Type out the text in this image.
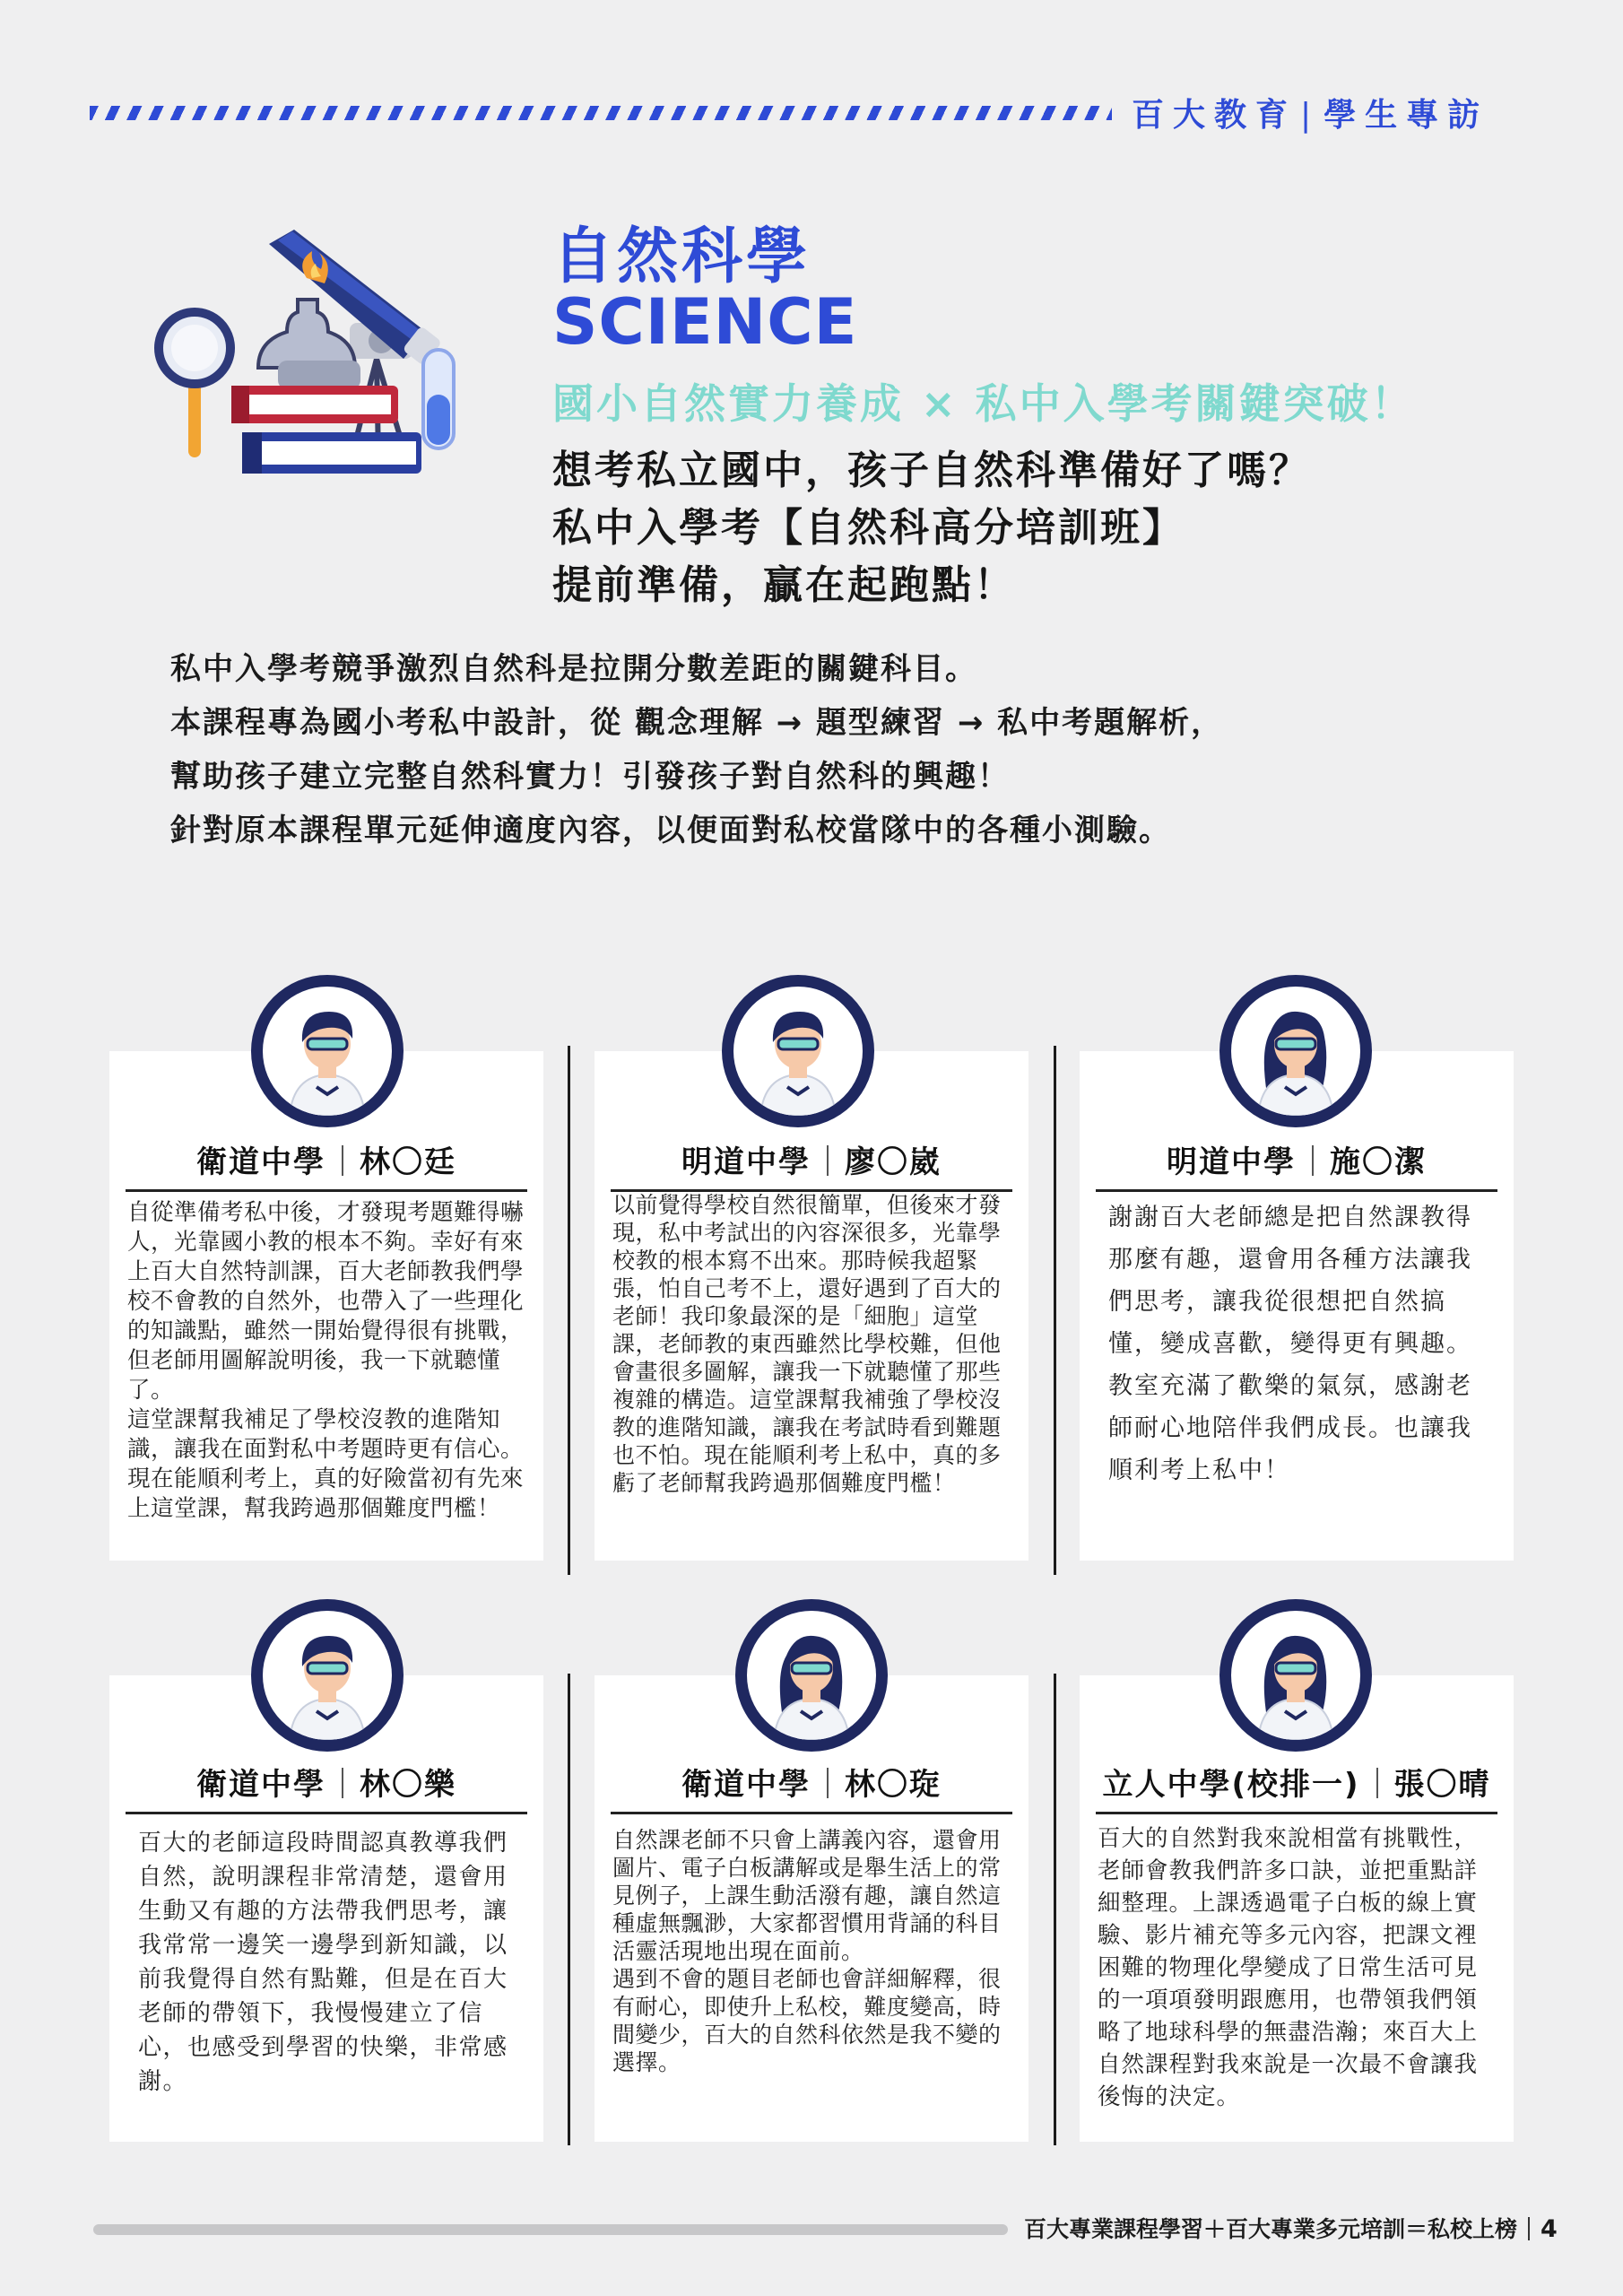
百大教育 | 學生專訪
自然科學
SCIENCE
國小自然實力養成 × 私中入學考關鍵突破！
想考私立國中，孩子自然科準備好了嗎？
私中入學考【自然科高分培訓班】
提前準備，贏在起跑點！

私中入學考競爭激烈自然科是拉開分數差距的關鍵科目。

本課程專為國小考私中設計，從 觀念理解 → 題型練習 → 私中考題解析，

幫助孩子建立完整自然科實力！引發孩子對自然科的興趣！

針對原本課程單元延伸適度內容，以便面對私校當隊中的各種小測驗。

衛道中學 林〇廷

自從準備考私中後，才發現考題難得嚇人，光靠國小教的根本不夠。幸好有來上百大自然特訓課，百大老師教我們學校不會教的自然外，也帶入了一些理化的知識點，雖然一開始覺得很有挑戰，但老師用圖解說明後，我一下就聽懂了。

這堂課幫我補足了學校沒教的進階知識，讓我在面對私中考題時更有信心。現在能順利考上，真的好險當初有先來上這堂課，幫我跨過那個難度門檻！

明道中學 廖〇崴

以前覺得學校自然很簡單，但後來才發現，私中考試出的內容深很多，光靠學校教的根本寫不出來。那時候我超緊張，怕自己考不上，還好遇到了百大的老師！我印象最深的是「細胞」這堂課，老師教的東西雖然比學校難，但他會畫很多圖解，讓我一下就聽懂了那些複雜的構造。這堂課幫我補強了學校沒教的進階知識，讓我在考試時看到難題也不怕。現在能順利考上私中，真的多虧了老師幫我跨過那個難度門檻！

明道中學 施〇潔

謝謝百大老師總是把自然課教得那麼有趣，還會用各種方法讓我們思考，讓我從很想把自然搞懂，變成喜歡，變得更有興趣。教室充滿了歡樂的氣氛，感謝老師耐心地陪伴我們成長。也讓我順利考上私中！

衛道中學 林〇樂

百大的老師這段時間認真教導我們自然，說明課程非常清楚，還會用生動又有趣的方法帶我們思考，讓我常常一邊笑一邊學到新知識，以前我覺得自然有點難，但是在百大老師的帶領下，我慢慢建立了信心，也感受到學習的快樂，非常感謝。

衛道中學 林〇琁

自然課老師不只會上講義內容，還會用圖片、電子白板講解或是舉生活上的常見例子，上課生動活潑有趣，讓自然這種虛無飄渺，大家都習慣用背誦的科目活靈活現地出現在面前。

遇到不會的題目老師也會詳細解釋，很有耐心，即使升上私校，難度變高，時間變少，百大的自然科依然是我不變的選擇。

立人中學(校排一) 張〇晴

百大的自然對我來說相當有挑戰性，老師會教我們許多口訣，並把重點詳細整理。上課透過電子白板的線上實驗、影片補充等多元內容，把課文裡困難的物理化學變成了日常生活可見的一項項發明跟應用，也帶領我們領略了地球科學的無盡浩瀚；來百大上自然課程對我來說是一次最不會讓我後悔的決定。

百大專業課程學習＋百大專業多元培訓＝私校上榜 4
